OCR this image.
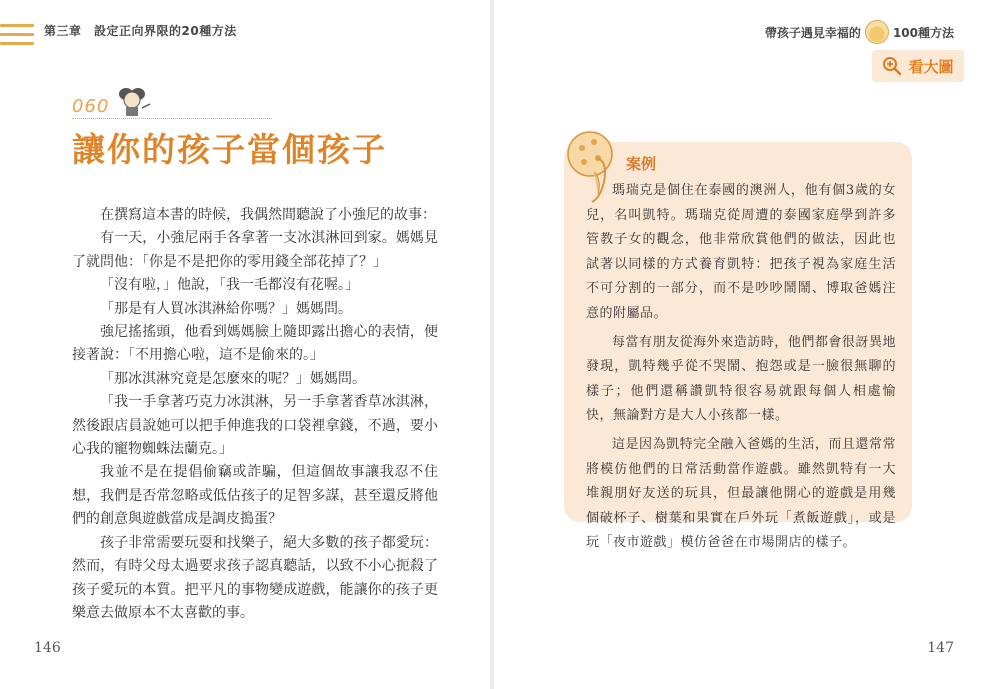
第三章　設定正向界限的20種方法
060
讓你的孩子當個孩子

在撰寫這本書的時候，我偶然間聽說了小強尼的故事：

有一天，小強尼兩手各拿著一支冰淇淋回到家。媽媽見了就問他：「你是不是把你的零用錢全部花掉了？」

「沒有啦，」他說，「我一毛都沒有花喔。」

「那是有人買冰淇淋給你嗎？」媽媽問。

強尼搖搖頭，他看到媽媽臉上隨即露出擔心的表情，便接著說：「不用擔心啦，這不是偷來的。」

「那冰淇淋究竟是怎麼來的呢？」媽媽問。

「我一手拿著巧克力冰淇淋，另一手拿著香草冰淇淋，然後跟店員說她可以把手伸進我的口袋裡拿錢，不過，要小心我的寵物蜘蛛法蘭克。」

我並不是在提倡偷竊或詐騙，但這個故事讓我忍不住想，我們是否常忽略或低估孩子的足智多謀，甚至還反將他們的創意與遊戲當成是調皮搗蛋？

孩子非常需要玩耍和找樂子，絕大多數的孩子都愛玩：然而，有時父母太過要求孩子認真聽話，以致不小心扼殺了孩子愛玩的本質。把平凡的事物變成遊戲，能讓你的孩子更樂意去做原本不太喜歡的事。

146
帶孩子遇見幸福的	100種方法
看大圖
案例

瑪瑞克是個住在泰國的澳洲人，他有個3歲的女兒，名叫凱特。瑪瑞克從周遭的泰國家庭學到許多管教子女的觀念，他非常欣賞他們的做法，因此也試著以同樣的方式養育凱特：把孩子視為家庭生活不可分割的一部分，而不是吵吵鬧鬧、博取爸媽注意的附屬品。

每當有朋友從海外來造訪時，他們都會很訝異地發現，凱特幾乎從不哭鬧、抱怨或是一臉很無聊的樣子；他們還稱讚凱特很容易就跟每個人相處愉快，無論對方是大人小孩都一樣。

這是因為凱特完全融入爸媽的生活，而且還常常將模仿他們的日常活動當作遊戲。雖然凱特有一大堆親朋好友送的玩具，但最讓他開心的遊戲是用幾個破杯子、樹葉和果實在戶外玩「煮飯遊戲」，或是玩「夜市遊戲」模仿爸爸在市場開店的樣子。

147
